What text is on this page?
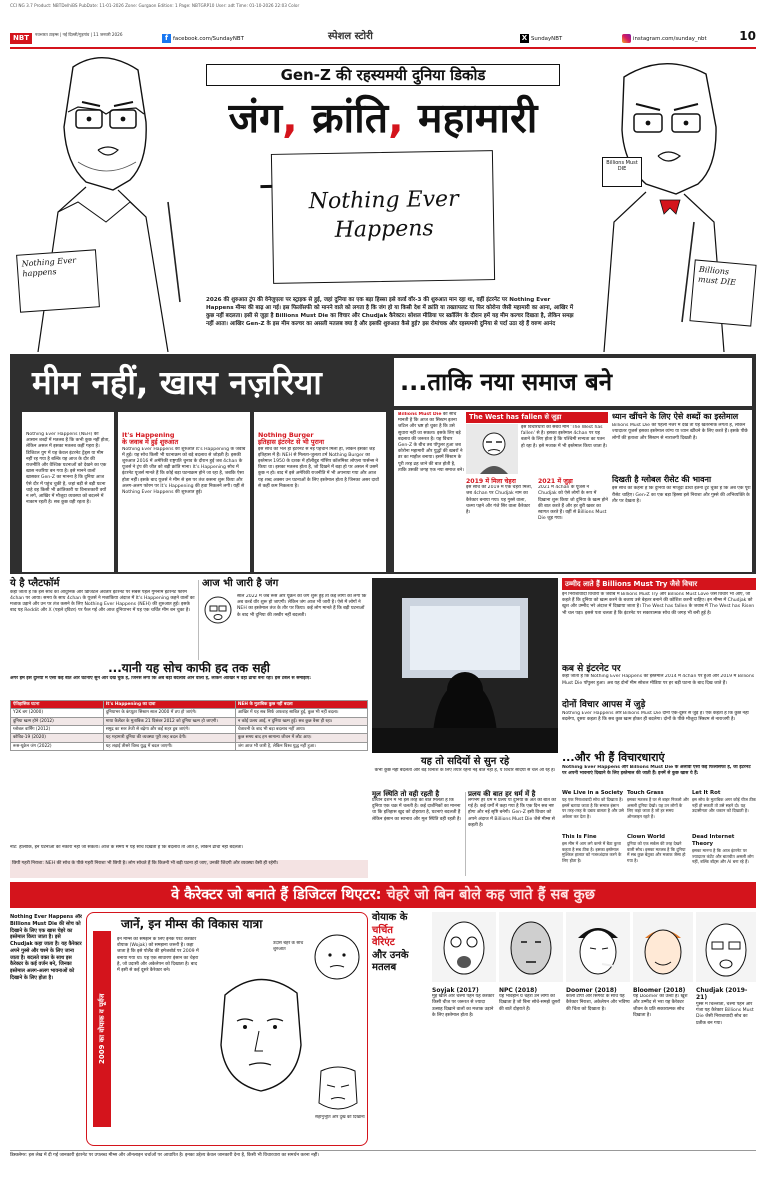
CCI NG 3.7 Product: NBTDelhiBS PubDate: 11-01-2026 Zone: Gurgaon Edition: 1 Page: NBTGRP10 User: adt Time: 01-10-2026 22:03 Color
NBT	नवभारत टाइम्स | नई दिल्ली/गुड़गांव | 11 जनवरी 2026	f facebook.com/SundayNBT	स्पेशल स्टोरी	X SundayNBT	instagram.com/sunday_nbt	10
Nothing Ever happens	Billions must DIE
Billions Must DIE
Gen-Z की रहस्यमयी दुनिया डिकोड
जंग, क्रांति, महामारी
Nothing Ever Happens
2026 की शुरुआत ट्रंप की वेनेजुएला पर स्ट्राइक से हुई, जहां दुनिया का एक बड़ा हिस्सा इसे वर्ल्ड वॉर-3 की शुरुआत मान रहा था, वहीं इंटरनेट पर Nothing Ever Happens मीम्स की बाढ़ आ गई। इस फिलॉसफी को मानने वाले को लगता है कि जंग हो या किसी देश में क्रांति या तख्तापलट या फिर कोरोना जैसी महामारी का आना, आखिर में कुछ नहीं बदलता। इसी से जुड़ा है Billions Must Die का विचार और Chudjak कैरेक्टर। सोशल मीडिया पर स्क्रॉलिंग के दौरान हमें यह मीम कल्चर दिखता है, लेकिन समझ नहीं आता। आखिर Gen-Z के इस मीम कल्चर का असली मतलब क्या है और इसकी शुरुआत कैसे हुई? इस रोमांचक और रहस्यमयी दुनिया से पर्दा उठा रहे हैं वरुण आनंद
मीम नहीं, खास नज़रिया
Nothing Ever Happens (NEH) का आसान शब्दों में मतलब है कि कभी कुछ नहीं होता, लेकिन असल में इसका मतलब कहीं गहरा है। डिजिटल युग में यह केवल इंटरनेट ट्रेंड्स या मीम नहीं रह गया है बल्कि यह आज के दौर की राजनीति और वैश्विक घटनाओं को देखने का एक खास नजरिया बन गया है। इसे मानने वालों खासकर Gen-Z का मानना है कि दुनिया आज ऐसे दौर में पहुंच चुकी है, जहां बड़ी से बड़ी घटना चाहे वह किसी भी क्रांतिकारी या विनाशकारी क्यों न लगे, आखिर में मौजूदा व्यवस्था को बदलने में नाकाम रहती है। सब कुछ वही रहता है।
It's Happening
के जवाब में हुई शुरुआत
Nothing Ever Happens की शुरुआत It's Happening के जवाब में हुई। यह सोच किसी भी घटनाक्रम को बड़े बदलाव से जोड़ती है। इसकी शुरुआत 2016 में अमेरिकी राष्ट्रपति चुनाव के दौरान हुई जब 4chan के यूजर्स ने ट्रंप की जीत को बड़ी क्रांति माना। It's Happening सोच में इंटरनेट यूजर्स मानते हैं कि कोई बड़ा घटनाक्रम होने जा रहा है, जबकि ऐसा होता नहीं। इसके बाद यूजर्स ने मीम से इस पर तंज कसना शुरू किया और अलग-अलग फोरम पर It's Happening की हवा निकलने लगी। यहीं से Nothing Ever Happens की शुरुआत हुई।
Nothing Burger
इतिहास इंटरनेट से भी पुराना
इस सोच को भले ही इंटरनेट से नई पहचान मिली हो, लेकिन इसकी जड़ें इतिहास में हैं। NEH से मिलता-जुलता टर्म Nothing Burger का इस्तेमाल 1950 के दशक में हॉलीवुड गॉसिप कॉलमिस्ट लोएला पार्सन्स ने किया था। इसका मतलब होता है, जो दिखने में बड़ा हो पर असल में उसमें कुछ न हो। बाद में इसे अमेरिकी राजनीति में भी अपनाया गया और आज यह शब्द अक्सर उन घटनाओं के लिए इस्तेमाल होता है जिनका असर दावों से कहीं कम निकलता है।
...ताकि नया समाज बने
Billions Must Die की सोच मानती है कि आज का सिस्टम इतना जटिल और भ्रष्ट हो चुका है कि उसे सुधारा नहीं जा सकता। इसके लिए बड़े बदलाव की जरूरत है। यह विचार Gen-Z के बीच तब पॉपुलर हुआ जब कोरोना महामारी और युद्धों की खबरों ने डर का माहौल बनाया। इसमें सिस्टम के पूरी तरह ढह जाने की बात होती है, ताकि उसकी जगह एक नया समाज बने।
The West has fallen से जुड़ा
इस विचारधारा का संबंध मीम 'The West has fallen' से है। इसका इस्तेमाल 4chan पर यह बताने के लिए होता है कि पश्चिमी सभ्यता का पतन हो रहा है। इसे मजाक में भी इस्तेमाल किया जाता है।
2019 में मिला चेहरा
इस सोच को 2019 में एक चेहरा मिला, जब 4chan पर Chudjak नाम का कैरेक्टर बनाया गया। यह गुस्से वाला, चश्मा पहने और गंजे सिर वाला कैरेक्टर है।
2021 में जुड़ा
2021 में 4chan के यूजर्स ने Chudjak को ऐसे लोगों के रूप में दिखाना शुरू किया जो दुनिया के खत्म होने की बात करते हैं और हर बुरी खबर का स्वागत करते हैं। वहीं से Billions Must Die जुड़ गया।
ध्यान खींचने के लिए ऐसे शब्दों का इस्तेमाल
Billions Must Die को पहली नजर में देखें तो यह खतरनाक लगता है, लेकिन ज्यादातर यूजर्स इसका इस्तेमाल व्यंग्य या ध्यान खींचने के लिए करते हैं। इसके पीछे लोगों की हताशा और सिस्टम से नाराजगी दिखती है।
दिखती है ग्लोबल रीसेट की भावना
इस सोच का कहना है कि दुनिया का मौजूदा ढांचा इतना टूट चुका है कि अब एक पूरा रीसेट चाहिए। Gen-Z का एक बड़ा हिस्सा इसे निराशा और गुस्से की अभिव्यक्ति के तौर पर देखता है।
ये है प्लैटफॉर्म
कहा जाता है कि इस सोच का आधुनिक और डिजिटल अवतार इंटरनेट पर सबसे पहले गुमनाम इंटरनेट फोरम 4chan पर आया। समय के साथ 4chan के यूजर्स ने मजाकिया अंदाज में It's Happening कहने वालों का मजाक उड़ाने और उन पर तंज कसने के लिए Nothing Ever Happens (NEH) की शुरुआत हुई। इसके बाद यह Reddit और X (पहले ट्विटर) पर फैल गई और आज दुनियाभर में यह एक चर्चित मीम बन चुका है।
आज भी जारी है जंग
साल 2022 में जब रूस और यूक्रेन की जंग शुरू हुई तो कई लोगों को लगा कि अब वर्ल्ड वॉर शुरू हो जाएगी। लेकिन जंग आज भी जारी है। ऐसे में लोगों ने NEH का इस्तेमाल तंज के तौर पर किया। कई लोग मानते हैं कि बड़ी घटनाओं के बाद भी दुनिया की तस्वीर नहीं बदलती।
...यानी यह सोच काफी हद तक सही
अगर हम इस दुनिया में ऐसी कई बातें और घटनाएं सुनें और देख चुके हैं, जिनसे लगा कि अब बड़ा बदलाव आने वाला है, लेकिन आखिर में वही ढांचा बना रहा। इस टेबल से समझिए:
ऐतिहासिक घटना	It's Happening का दावा	NEH के मुताबिक कुछ नहीं बदला
Y2K बग (2000)	दुनियाभर के कंप्यूटर सिस्टम साल 2000 में ठप हो जाएंगे।	आखिर में यह सब सिर्फ अफवाह साबित हुई, कुछ भी नहीं बदला।
दुनिया खत्म होने (2012)	माया कैलेंडर के मुताबिक 21 दिसंबर 2012 को दुनिया खत्म हो जाएगी।	न कोई प्रलय आई, न दुनिया खत्म हुई। सब कुछ वैसा ही रहा।
ग्लोबल वार्मिंग (2012)	समुद्र का स्तर तेजी से बढ़ेगा और कई शहर डूब जाएंगे।	चेतावनी के बाद भी बड़ा बदलाव नहीं आया।
कोविड-19 (2020)	यह महामारी दुनिया की व्यवस्था पूरी तरह बदल देगी।	कुछ समय बाद हम सामान्य जीवन में लौट आए।
रूस-यूक्रेन जंग (2022)	यह लड़ाई तीसरे विश्व युद्ध में बदल जाएगी।	जंग आज भी जारी है, लेकिन विश्व युद्ध नहीं हुआ।
नोट: हालांकि, इन घटनाओं का नकारा नहीं जा सकता। आज के समय में यह सोच दिखती है कि बदलाव तो आते हैं, लेकिन ढांचा नहीं बदलता।
छिपी गहरी निराशा: NEH की सोच के पीछे गहरी निराशा भी छिपी है। लोग सोचते हैं कि कितनी भी बड़ी घटना हो जाए, उनकी जिंदगी और व्यवस्था वैसी ही रहेगी।
यह तो सदियों से सुन रहे
कभी कुछ नहीं बदलता और बड़े विनाश के लिए तैयार रहना नई बात नहीं है, ये विचार सदियों से चले आ रहे हैं।
मूल स्थिति तो वही रहती है
प्राचीन दर्शन में भी इस तरह की बातें मिलती हैं कि दुनिया एक चक्र में चलती है। कई दार्शनिकों का मानना था कि इतिहास खुद को दोहराता है, घटनाएं बदलती हैं लेकिन इंसान का स्वभाव और मूल स्थिति वही रहती है।
प्रलय की बात हर धर्म में है
लगभग हर धर्म में प्रलय या दुनिया के अंत की बात की गई है। कई धर्मों में कहा गया है कि एक दिन सब नष्ट होगा और नई सृष्टि बनेगी। Gen-Z इसी विचार को अपने अंदाज में Billions Must Die जैसे मीम्स से कहती है।
उम्मीद लाते हैं Billions Must Try जैसे विचार
इन निराशावादी विचारों के जवाब में Billions Must Try और Billions Must Love जैसे विचार भी आए, जो कहते हैं कि दुनिया को खत्म करने के बजाय उसे बेहतर बनाने की कोशिश करनी चाहिए। इन मीम्स में Chudjak को खुश और उम्मीद भरे अंदाज में दिखाया जाता है। The West has fallen के जवाब में The West has Risen भी चल पड़ा। इससे पता चलता है कि इंटरनेट पर सकारात्मक सोच की जगह भी बनी हुई है।
कब से इंटरनेट पर
कहा जाता है कि Nothing Ever Happens का इस्तेमाल 2014 में 4chan पर हुआ और 2019 में Billions Must Die पॉपुलर हुआ। अब यह दोनों मीम सोशल मीडिया पर हर बड़ी घटना के बाद दिख जाते हैं।
दोनों विचार आपस में जुड़े
Nothing Ever Happens और Billions Must Die दोनों एक-दूसरे से जुड़े हैं। एक कहता है कि कुछ नहीं बदलेगा, दूसरा कहता है कि सब कुछ खत्म होकर ही बदलेगा। दोनों के पीछे मौजूदा सिस्टम से नाराजगी है।
...और भी हैं विचारधाराएं
Nothing Ever Happens और Billions Must Die के अलावा ऐसी कई फिलॉसफी हैं, जो इंटरनेट पर अपनी भावनाएं दिखाने के लिए इस्तेमाल की जाती हैं। इनमें से कुछ खास ये हैं:
We Live in a Society
यह एक निराशावादी सोच को दिखाता है। इसमें बताया जाता है कि समाज इंसान पर तरह-तरह के दबाव डालता है और उसे अकेला कर देता है।
This Is Fine
इस मीम में आग लगे कमरे में बैठा कुत्ता कहता है सब ठीक है। इसका इस्तेमाल मुश्किल हालात को नजरअंदाज करने के लिए होता है।
Touch Grass
इसका मतलब है घर से बाहर निकलो और असली दुनिया देखो। यह उन लोगों के लिए कहा जाता है जो हर समय ऑनलाइन रहते हैं।
Clown World
दुनिया को एक सर्कस की तरह देखने वाली सोच। इसका मतलब है कि दुनिया में सब कुछ बेतुका और मजाक जैसा हो गया है।
Let It Rot
इस सोच के मुताबिक अगर कोई चीज ठीक नहीं हो सकती तो उसे सड़ने दो। यह उदासीनता और थकान को दिखाती है।
Dead Internet Theory
इसका मानना है कि आज इंटरनेट पर ज्यादातर कंटेंट और बातचीत असली लोग नहीं, बल्कि बॉट्स और AI बना रहे हैं।
वे कैरेक्टर जो बनाते हैं डिजिटल थिएटर: चेहरे जो बिन बोले कह जाते हैं सब कुछ
Nothing Ever Happens और Billions Must Die की सोच को दिखाने के लिए एक खास चेहरे का इस्तेमाल किया जाता है। इसे Chudjak कहा जाता है। यह कैरेक्टर अपने गुस्से और चश्मे के लिए जाना जाता है। बदलते वक्त के साथ इस कैरेक्टर के कई वर्जन बने, जिनका इस्तेमाल अलग-अलग भावनाओं को दिखाने के लिए होता है।
जानें, इन मीम्स की विकास यात्रा
2009 का वोयाक व पूर्वज
इन मीम्स को समझने के लिए इनके पैरेंट कैरेक्टर वोयाक (Wojak) को समझना जरूरी है। कहा जाता है कि इसे पोलैंड की इमेजबोर्ड पर 2009 में बनाया गया था। यह एक साधारण इंसान का चेहरा है, जो उदासी और अकेलेपन को दिखाता है। बाद में इसी से कई दूसरे कैरेक्टर बने।
उदास चेहरे के साथ शुरुआत
सहानुभूति और दुख को दिखाना
वोयाक के
चर्चित
वेरिएंट
और उनके
मतलब
Soyjak (2017)
मुंह खोले और चश्मा पहने यह कैरेक्टर किसी चीज पर जरूरत से ज्यादा उत्साह दिखाने वालों का मजाक उड़ाने के लिए इस्तेमाल होता है।
NPC (2018)
यह भावहीन ग्रे चेहरा उन लोगों को दिखाता है जो बिना सोचे-समझे दूसरों की बातें दोहराते हैं।
Doomer (2018)
काली टोपी और सिगरेट के साथ यह कैरेक्टर निराशा, अकेलेपन और भविष्य की चिंता को दिखाता है।
Bloomer (2018)
यह Doomer का उल्टा है। खुश और उम्मीद से भरा यह कैरेक्टर जीवन के प्रति सकारात्मक सोच दिखाता है।
Chudjak (2019-21)
गुस्से में चिल्लाता, चश्मा पहने और गंजा यह कैरेक्टर Billions Must Die जैसी निराशावादी सोच का प्रतीक बन गया।
डिस्क्लेमर: इस लेख में दी गई जानकारी इंटरनेट पर उपलब्ध मीम्स और ऑनलाइन चर्चाओं पर आधारित है। इनका उद्देश्य केवल जानकारी देना है, किसी भी विचारधारा का समर्थन करना नहीं।
